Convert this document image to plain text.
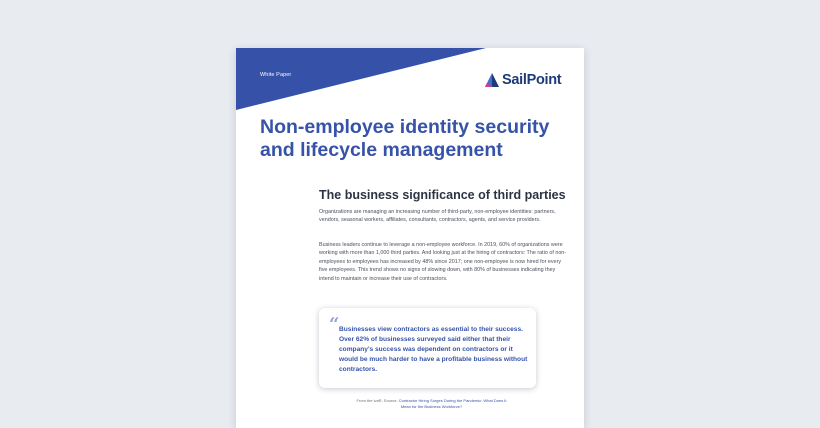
White Paper	SailPoint
Non-employee identity security
and lifecycle management
The business significance of third parties

Organizations are managing an increasing number of third-party, non-employee identities: partners, vendors, seasonal workers, affiliates, consultants, contractors, agents, and service providers.

Business leaders continue to leverage a non-employee workforce. In 2019, 60% of organizations were working with more than 1,000 third parties. And looking just at the hiring of contractors: The ratio of non-employees to employees has increased by 48% since 2017; one non-employee is now hired for every five employees. This trend shows no signs of slowing down, with 80% of businesses indicating they intend to maintain or increase their use of contractors.

“ Businesses view contractors as essential to their success. Over 62% of businesses surveyed said either that their company's success was dependent on contractors or it would be much harder to have a profitable business without contractors.

From the ivaR, Source: Contractor Hiring Surges During the Pandemic: What Does It Mean for the Business Workforce?
